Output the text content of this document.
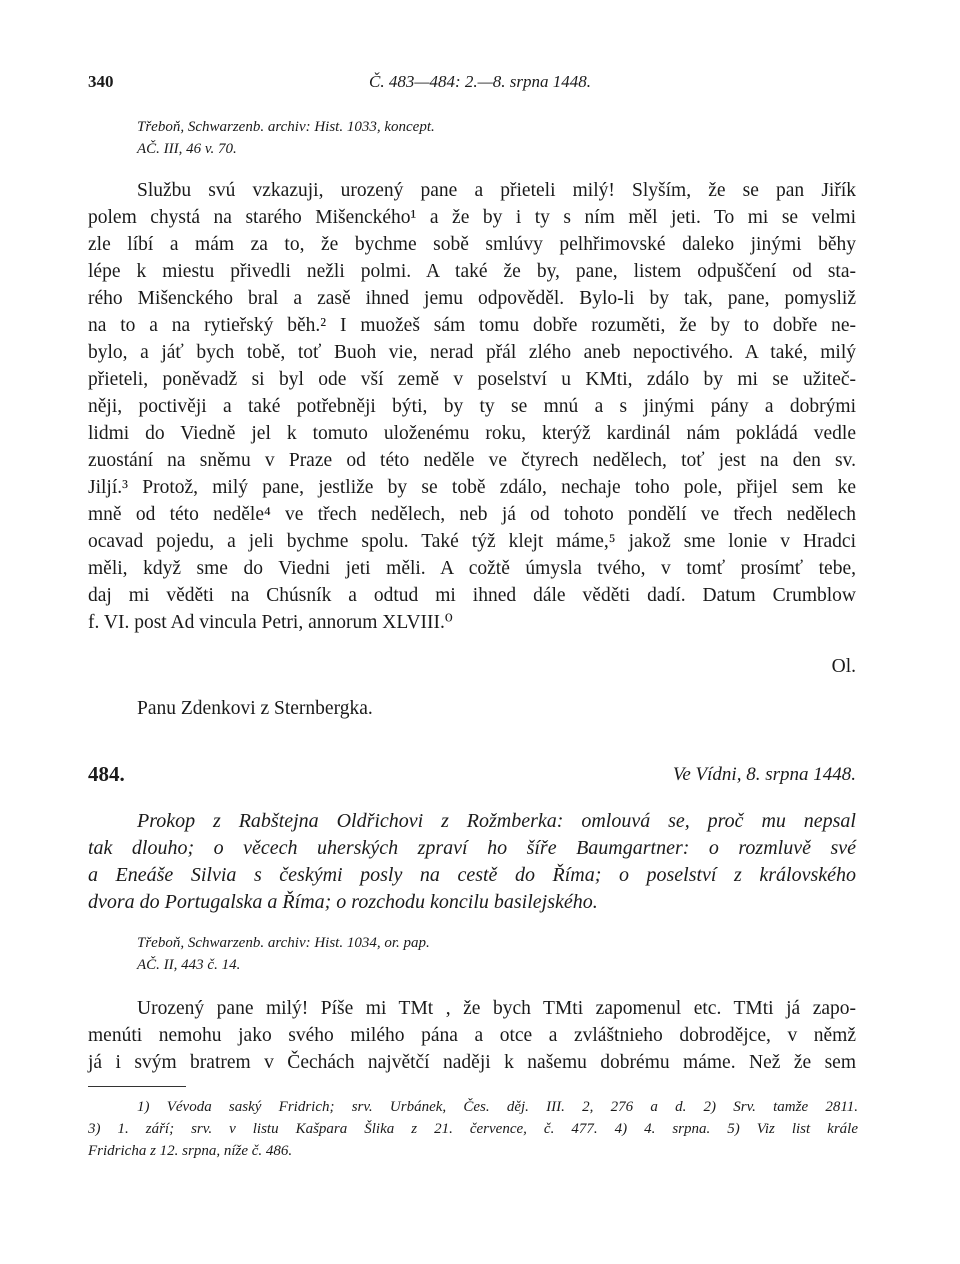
340	Č. 483—484: 2.—8. srpna 1448.
Třeboň, Schwarzenb. archiv: Hist. 1033, koncept.
AČ. III, 46 v. 70.
Službu svú vzkazuji, urozený pane a přieteli milý! Slyším, že se pan Jiřík
polem chystá na starého Mišenckého¹ a že by i ty s ním měl jeti. To mi se velmi
zle líbí a mám za to, že bychme sobě smlúvy pelhřimovské daleko jinými běhy
lépe k miestu přivedli nežli polmi. A také že by, pane, listem odpuščení od sta-
rého Mišenckého bral a zasě ihned jemu odpověděl. Bylo-li by tak, pane, pomysliž
na to a na rytieřský běh.² I muožeš sám tomu dobře rozuměti, že by to dobře ne-
bylo, a jáť bych tobě, toť Buoh vie, nerad přál zlého aneb nepoctivého. A také, milý
přieteli, poněvadž si byl ode vší země v poselství u KMti, zdálo by mi se užiteč-
něji, poctivěji a také potřebněji býti, by ty se mnú a s jinými pány a dobrými
lidmi do Viedně jel k tomuto uloženému roku, kterýž kardinál nám pokládá vedle
zuostání na sněmu v Praze od této neděle ve čtyrech nedělech, toť jest na den sv.
Jiljí.³ Protož, milý pane, jestliže by se tobě zdálo, nechaje toho pole, přijel sem ke
mně od této neděle⁴ ve třech nedělech, neb já od tohoto pondělí ve třech nedělech
ocavad pojedu, a jeli bychme spolu. Také týž klejt máme,⁵ jakož sme lonie v Hradci
měli, když sme do Viedni jeti měli. A cožtě úmysla tvého, v tomť prosímť tebe,
daj mi věděti na Chúsník a odtud mi ihned dále věděti dadí. Datum Crumblow
f. VI. post Ad vincula Petri, annorum XLVIII.⁰
Ol.
Panu Zdenkovi z Sternbergka.
484.	Ve Vídni, 8. srpna 1448.
Prokop z Rabštejna Oldřichovi z Rožmberka: omlouvá se, proč mu nepsal
tak dlouho; o věcech uherských zpraví ho šíře Baumgartner: o rozmluvě své
a Eneáše Silvia s českými posly na cestě do Říma; o poselství z královského
dvora do Portugalska a Říma; o rozchodu koncilu basilejského.
Třeboň, Schwarzenb. archiv: Hist. 1034, or. pap.
AČ. II, 443 č. 14.
Urozený pane milý! Píše mi TMt , že bych TMti zapomenul etc. TMti já zapo-
menúti nemohu jako svého milého pána a otce a zvláštnieho dobrodějce, v němž
já i svým bratrem v Čechách najvětčí naději k našemu dobrému máme. Než že sem
1) Vévoda saský Fridrich; srv. Urbánek, Čes. děj. III. 2, 276 a d. 2) Srv. tamže 2811.
3) 1. září; srv. v listu Kašpara Šlika z 21. července, č. 477. 4) 4. srpna. 5) Viz list krále
Fridricha z 12. srpna, níže č. 486.
